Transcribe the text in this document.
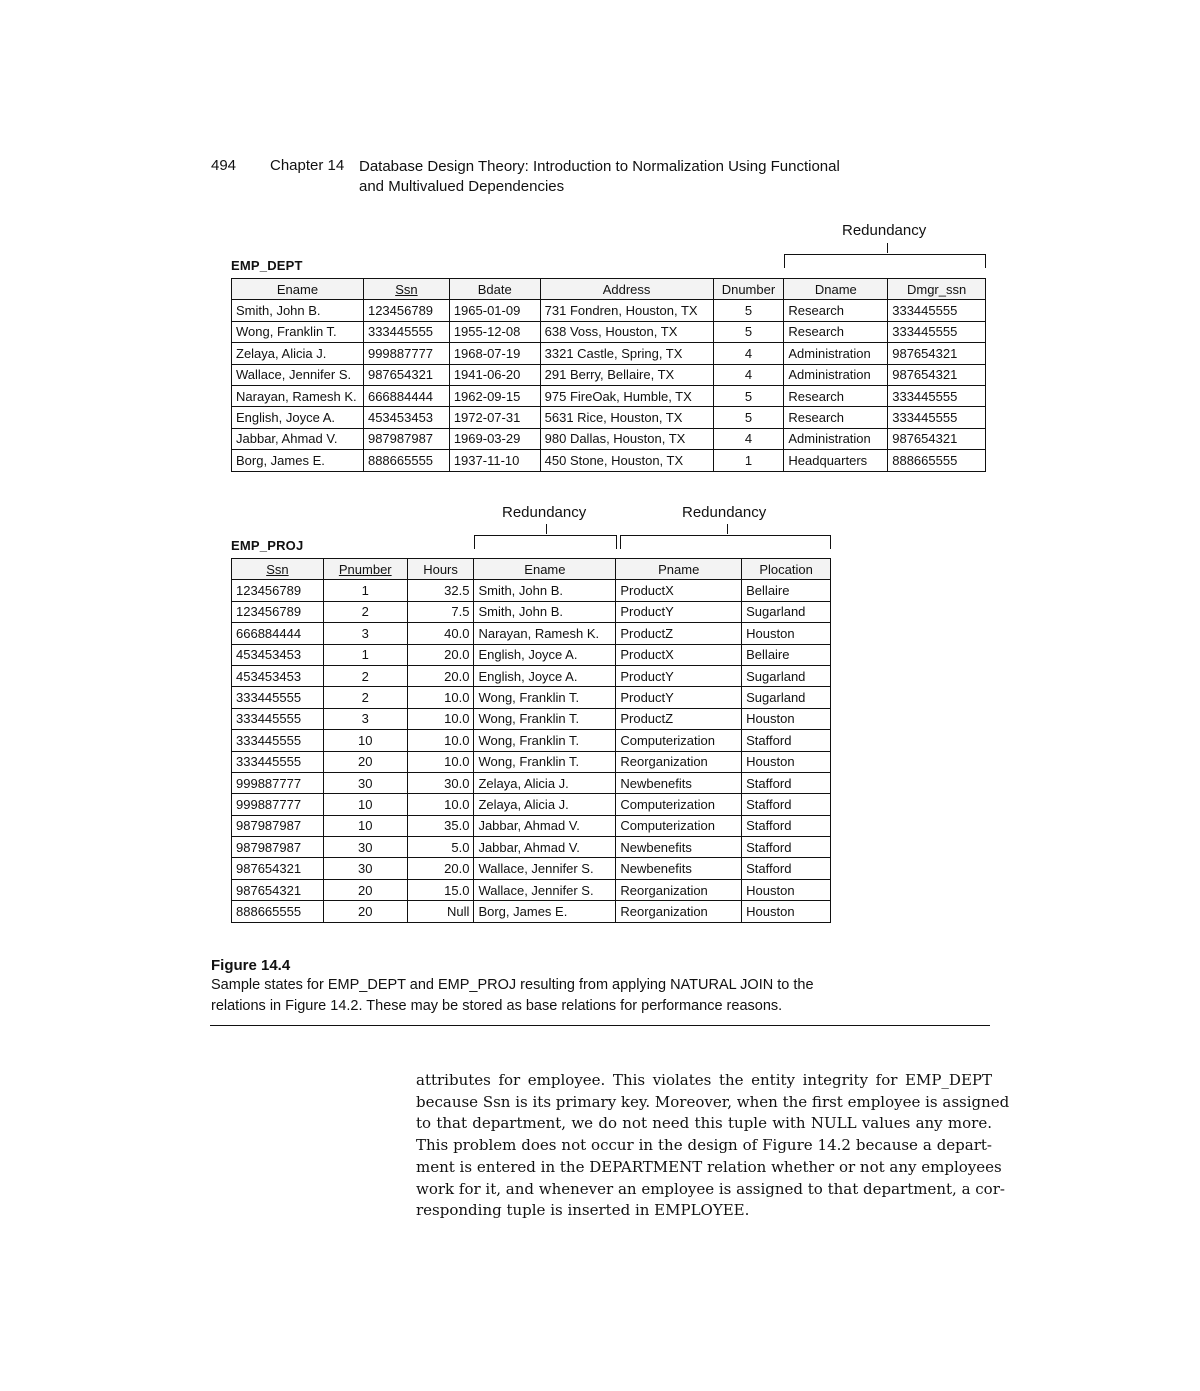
494 Chapter 14 Database Design Theory: Introduction to Normalization Using Functional
and Multivalued Dependencies
Redundancy
EMP_DEPT
Ename	Ssn	Bdate	Address	Dnumber	Dname	Dmgr_ssn
Smith, John B.	123456789	1965-01-09	731 Fondren, Houston, TX	5	Research	333445555
Wong, Franklin T.	333445555	1955-12-08	638 Voss, Houston, TX	5	Research	333445555
Zelaya, Alicia J.	999887777	1968-07-19	3321 Castle, Spring, TX	4	Administration	987654321
Wallace, Jennifer S.	987654321	1941-06-20	291 Berry, Bellaire, TX	4	Administration	987654321
Narayan, Ramesh K.	666884444	1962-09-15	975 FireOak, Humble, TX	5	Research	333445555
English, Joyce A.	453453453	1972-07-31	5631 Rice, Houston, TX	5	Research	333445555
Jabbar, Ahmad V.	987987987	1969-03-29	980 Dallas, Houston, TX	4	Administration	987654321
Borg, James E.	888665555	1937-11-10	450 Stone, Houston, TX	1	Headquarters	888665555
Redundancy	Redundancy
EMP_PROJ
Ssn	Pnumber	Hours	Ename	Pname	Plocation
123456789	1	32.5	Smith, John B.	ProductX	Bellaire
123456789	2	7.5	Smith, John B.	ProductY	Sugarland
666884444	3	40.0	Narayan, Ramesh K.	ProductZ	Houston
453453453	1	20.0	English, Joyce A.	ProductX	Bellaire
453453453	2	20.0	English, Joyce A.	ProductY	Sugarland
333445555	2	10.0	Wong, Franklin T.	ProductY	Sugarland
333445555	3	10.0	Wong, Franklin T.	ProductZ	Houston
333445555	10	10.0	Wong, Franklin T.	Computerization	Stafford
333445555	20	10.0	Wong, Franklin T.	Reorganization	Houston
999887777	30	30.0	Zelaya, Alicia J.	Newbenefits	Stafford
999887777	10	10.0	Zelaya, Alicia J.	Computerization	Stafford
987987987	10	35.0	Jabbar, Ahmad V.	Computerization	Stafford
987987987	30	5.0	Jabbar, Ahmad V.	Newbenefits	Stafford
987654321	30	20.0	Wallace, Jennifer S.	Newbenefits	Stafford
987654321	20	15.0	Wallace, Jennifer S.	Reorganization	Houston
888665555	20	Null	Borg, James E.	Reorganization	Houston
Figure 14.4
Sample states for EMP_DEPT and EMP_PROJ resulting from applying NATURAL JOIN to the
relations in Figure 14.2. These may be stored as base relations for performance reasons.
attributes for employee. This violates the entity integrity for EMP_DEPT
because Ssn is its primary key. Moreover, when the first employee is assigned
to that department, we do not need this tuple with NULL values any more.
This problem does not occur in the design of Figure 14.2 because a depart-
ment is entered in the DEPARTMENT relation whether or not any employees
work for it, and whenever an employee is assigned to that department, a cor-
responding tuple is inserted in EMPLOYEE.
